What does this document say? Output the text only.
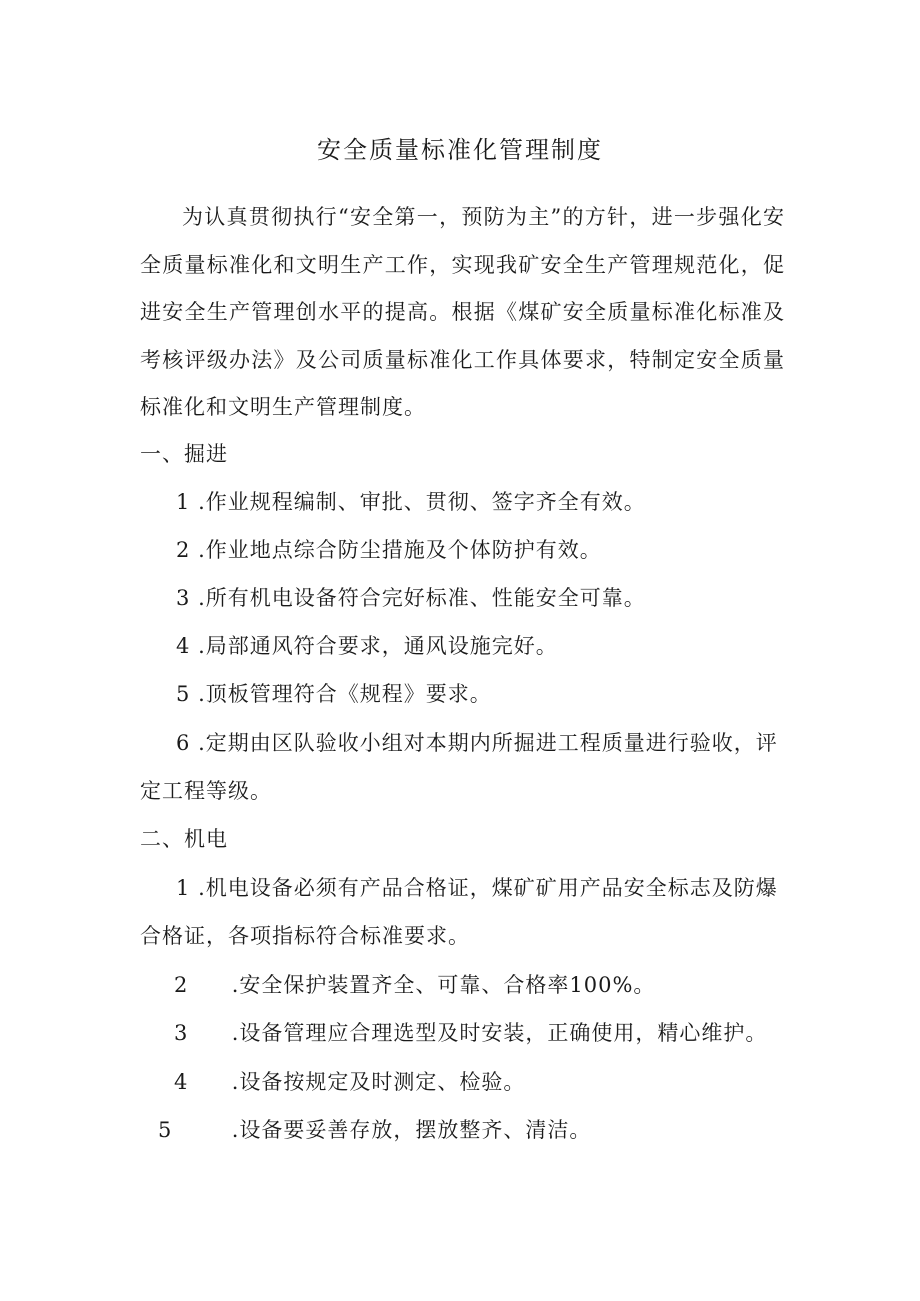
安全质量标准化管理制度

为认真贯彻执行“安全第一，预防为主”的方针，进一步强化安全质量标准化和文明生产工作，实现我矿安全生产管理规范化，促进安全生产管理创水平的提高。根据《煤矿安全质量标准化标准及考核评级办法》及公司质量标准化工作具体要求，特制定安全质量标准化和文明生产管理制度。

一、掘进
1 .作业规程编制、审批、贯彻、签字齐全有效。
2 .作业地点综合防尘措施及个体防护有效。
3 .所有机电设备符合完好标准、性能安全可靠。
4 .局部通风符合要求，通风设施完好。
5 .顶板管理符合《规程》要求。
6 .定期由区队验收小组对本期内所掘进工程质量进行验收，评
定工程等级。
二、机电
1 .机电设备必须有产品合格证，煤矿矿用产品安全标志及防爆
合格证，各项指标符合标准要求。
2 .安全保护装置齐全、可靠、合格率100%。
3 .设备管理应合理选型及时安装，正确使用，精心维护。
4 .设备按规定及时测定、检验。
5	.设备要妥善存放，摆放整齐、清洁。
